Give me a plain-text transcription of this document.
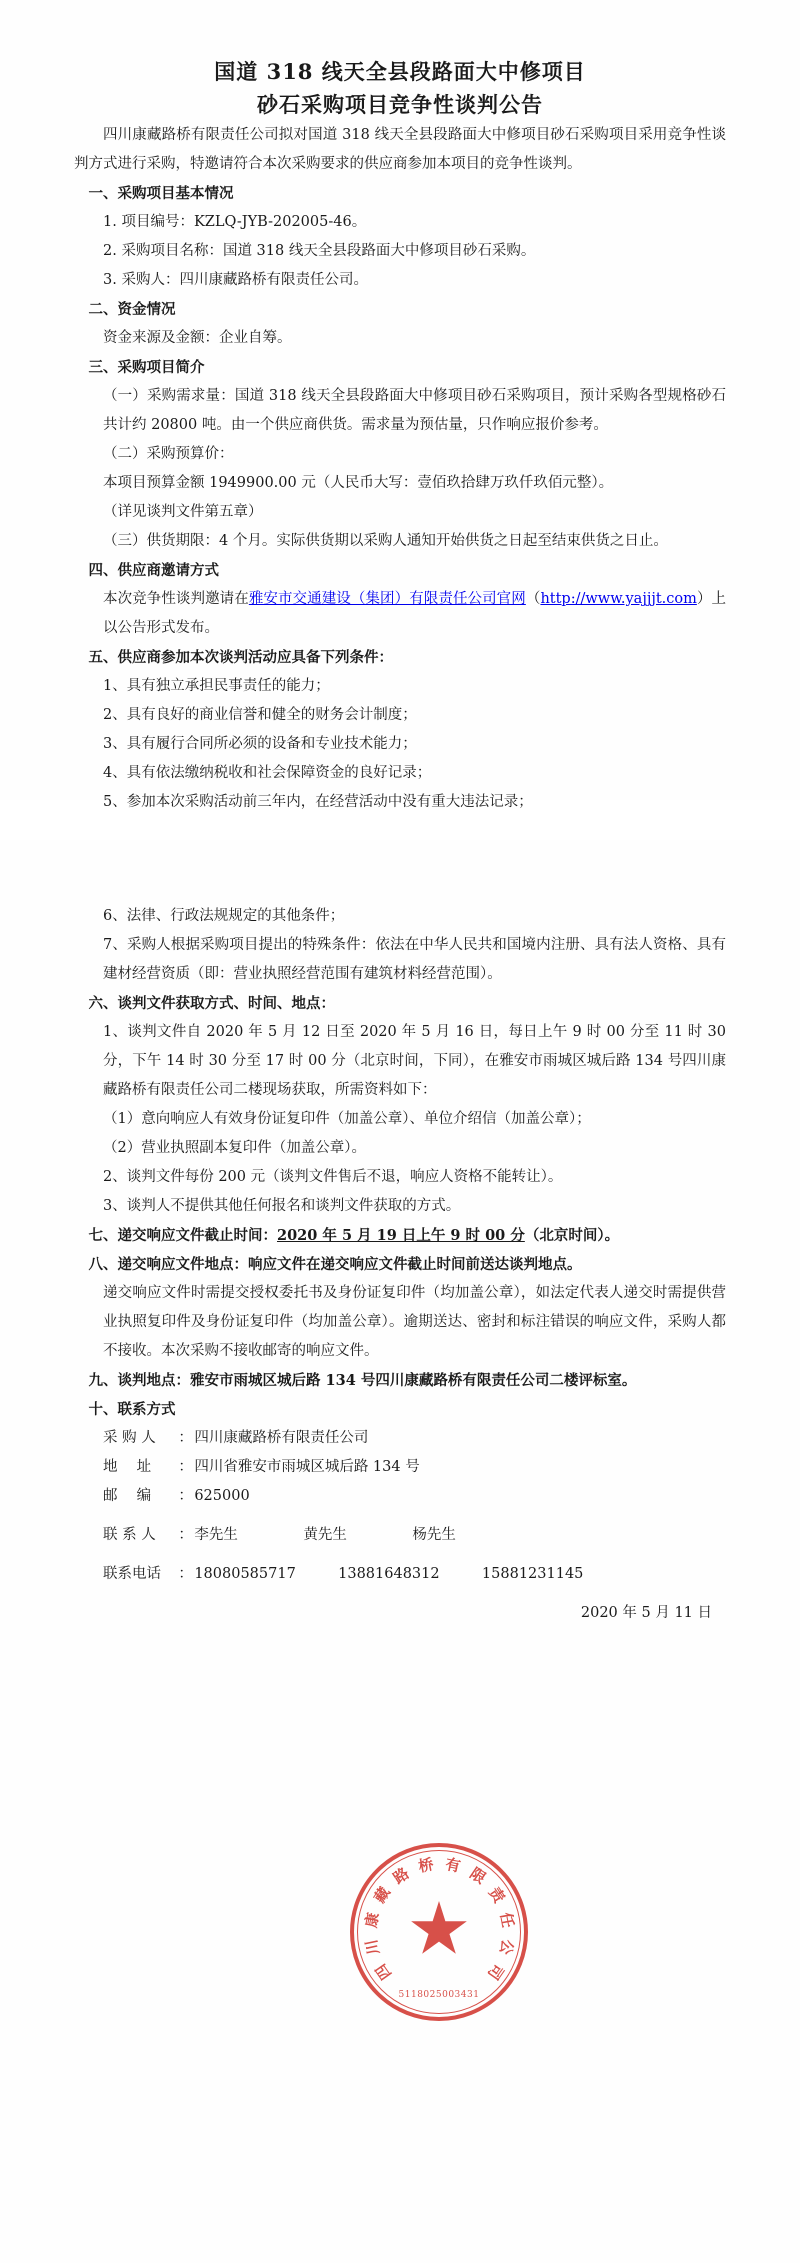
国道 318 线天全县段路面大中修项目
砂石采购项目竞争性谈判公告

四川康藏路桥有限责任公司拟对国道 318 线天全县段路面大中修项目砂石采购项目采用竞争性谈判方式进行采购，特邀请符合本次采购要求的供应商参加本项目的竞争性谈判。

一、采购项目基本情况

1. 项目编号：KZLQ-JYB-202005-46。

2. 采购项目名称：国道 318 线天全县段路面大中修项目砂石采购。

3. 采购人：四川康藏路桥有限责任公司。

二、资金情况

资金来源及金额：企业自筹。

三、采购项目简介

（一）采购需求量：国道 318 线天全县段路面大中修项目砂石采购项目，预计采购各型规格砂石共计约 20800 吨。由一个供应商供货。需求量为预估量，只作响应报价参考。

（二）采购预算价：

本项目预算金额 1949900.00 元（人民币大写：壹佰玖拾肆万玖仟玖佰元整）。

（详见谈判文件第五章）

（三）供货期限：4 个月。实际供货期以采购人通知开始供货之日起至结束供货之日止。

四、供应商邀请方式

本次竞争性谈判邀请在雅安市交通建设（集团）有限责任公司官网（http://www.yajjjt.com）上以公告形式发布。

五、供应商参加本次谈判活动应具备下列条件：

1、具有独立承担民事责任的能力；

2、具有良好的商业信誉和健全的财务会计制度；

3、具有履行合同所必须的设备和专业技术能力；

4、具有依法缴纳税收和社会保障资金的良好记录；

5、参加本次采购活动前三年内，在经营活动中没有重大违法记录；

6、法律、行政法规规定的其他条件；

7、采购人根据采购项目提出的特殊条件：依法在中华人民共和国境内注册、具有法人资格、具有建材经营资质（即：营业执照经营范围有建筑材料经营范围）。

六、谈判文件获取方式、时间、地点：

1、谈判文件自 2020 年 5 月 12 日至 2020 年 5 月 16 日，每日上午 9 时 00 分至 11 时 30 分，下午 14 时 30 分至 17 时 00 分（北京时间，下同），在雅安市雨城区城后路 134 号四川康藏路桥有限责任公司二楼现场获取，所需资料如下：

（1）意向响应人有效身份证复印件（加盖公章）、单位介绍信（加盖公章）；

（2）营业执照副本复印件（加盖公章）。

2、谈判文件每份 200 元（谈判文件售后不退，响应人资格不能转让）。

3、谈判人不提供其他任何报名和谈判文件获取的方式。

七、递交响应文件截止时间：2020 年 5 月 19 日上午 9 时 00 分（北京时间）。

八、递交响应文件地点：响应文件在递交响应文件截止时间前送达谈判地点。

递交响应文件时需提交授权委托书及身份证复印件（均加盖公章），如法定代表人递交时需提供营业执照复印件及身份证复印件（均加盖公章）。逾期送达、密封和标注错误的响应文件，采购人都不接收。本次采购不接收邮寄的响应文件。

九、谈判地点：雅安市雨城区城后路 134 号四川康藏路桥有限责任公司二楼评标室。

十、联系方式

采 购 人	： 四川康藏路桥有限责任公司
地 址	： 四川省雅安市雨城区城后路 134 号
邮 编	： 625000
联 系 人	： 李先生	黄先生	杨先生
联系电话	： 18080585717	13881648312	15881231145

2020 年 5 月 11 日

四
川
康
藏
路 桥 有 限
责
任
公
司
5118025003431
